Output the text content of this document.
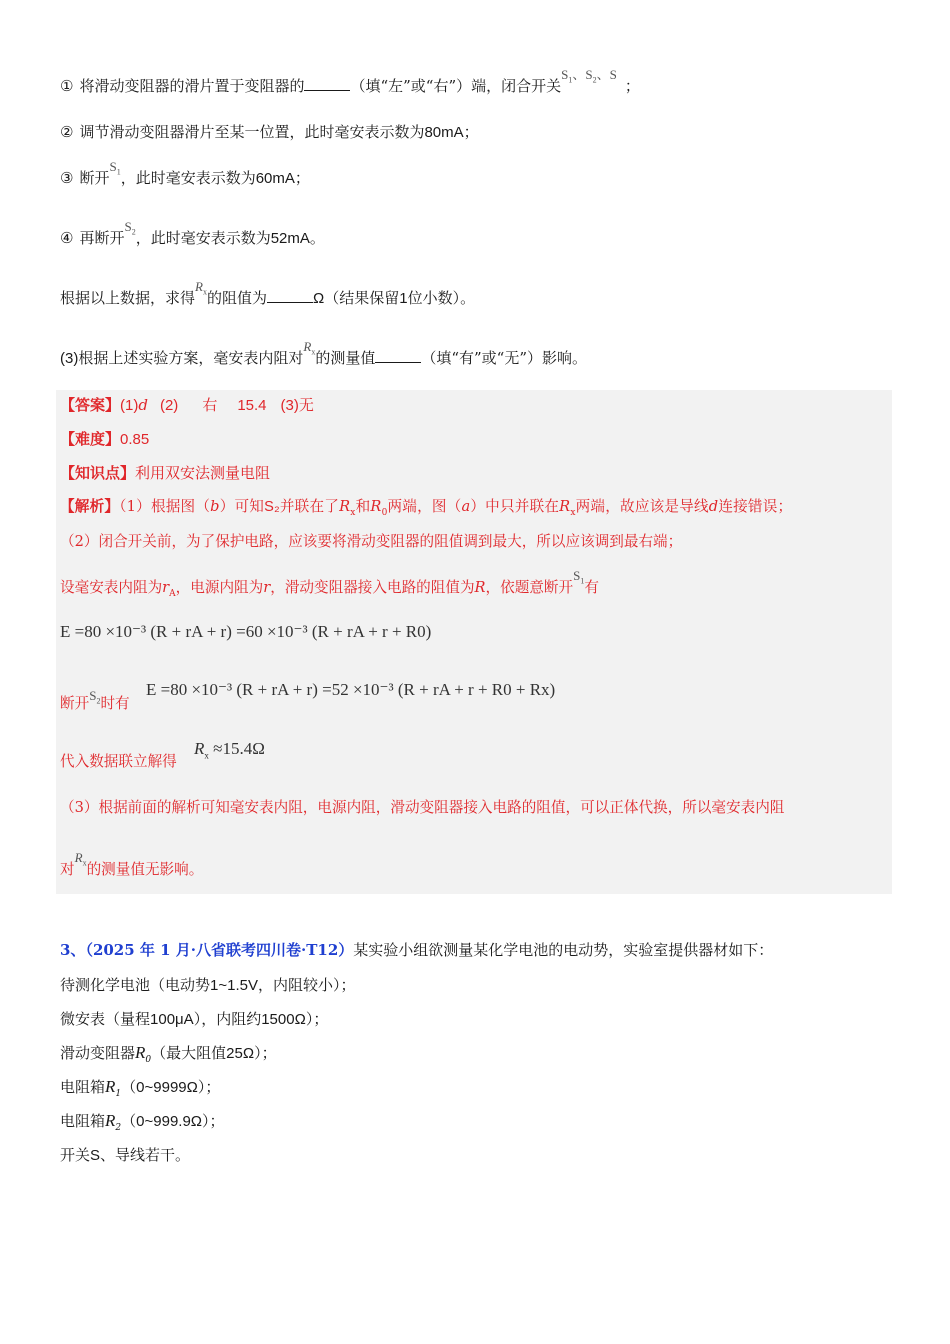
① 将滑动变阻器的滑片置于变阻器的	（填“左”或“右”）端，闭合开关$S_1$、$S_2$、S；
② 调节滑动变阻器滑片至某一位置，此时毫安表示数为80mA；
③ 断开$S_1$，此时毫安表示数为60mA；
④ 再断开$S_2$，此时毫安表示数为52mA。
根据以上数据，求得$R_x$的阻值为	Ω（结果保留1位小数）。
(3)根据上述实验方案，毫安表内阻对$R_x$的测量值	（填“有”或“无”）影响。
【答案】(1)d (2) 右 15.4 (3)无
【难度】0.85
【知识点】利用双安法测量电阻
【解析】（1）根据图（b）可知S₂并联在了$R_x$和$R_0$两端，图（a）中只并联在$R_x$两端，故应该是导线d连接错误；
（2）闭合开关前，为了保护电路，应该要将滑动变阻器的阻值调到最大，所以应该调到最右端；
设毫安表内阻为$r_A$，电源内阻为r，滑动变阻器接入电路的阻值为R，依题意断开$S_1$有
E =80 ×10⁻³ (R + rA + r) =60 ×10⁻³ (R + rA + r + R0)
断开$S_2$时有
E =80 ×10⁻³ (R + rA + r) =52 ×10⁻³ (R + rA + r + R0 + Rx)
代入数据联立解得
$R_x \approx 15.4\Omega$
（3）根据前面的解析可知毫安表内阻，电源内阻，滑动变阻器接入电路的阻值，可以正体代换，所以毫安表内阻
对$R_x$的测量值无影响。
3、（2025 年 1 月·八省联考四川卷·T12）某实验小组欲测量某化学电池的电动势，实验室提供器材如下：
待测化学电池（电动势1~1.5V，内阻较小）；
微安表（量程100μA），内阻约1500Ω）；
滑动变阻器$R_0$（最大阻值25Ω）；
电阻箱$R_1(0\sim 9999\Omega)$；
电阻箱$R_2(0\sim 999.9\Omega)$；
开关S、导线若干。
